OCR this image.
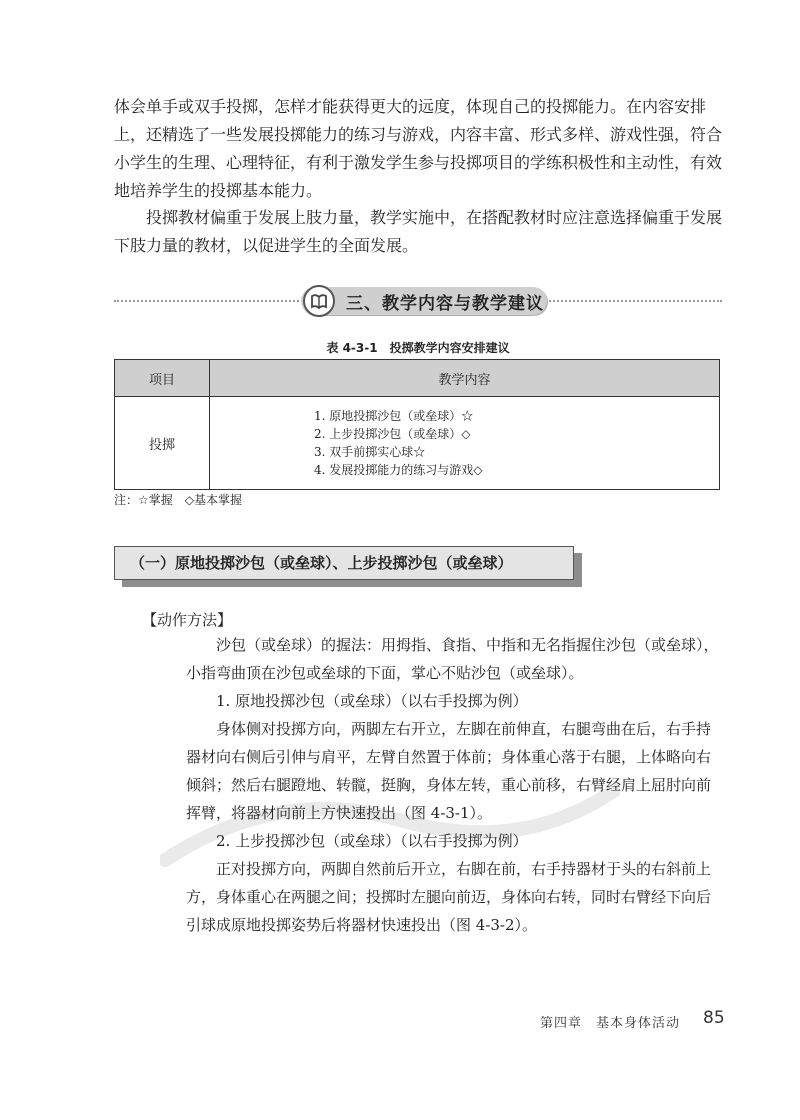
体会单手或双手投掷，怎样才能获得更大的远度，体现自己的投掷能力。在内容安排上，还精选了一些发展投掷能力的练习与游戏，内容丰富、形式多样、游戏性强，符合小学生的生理、心理特征，有利于激发学生参与投掷项目的学练积极性和主动性，有效地培养学生的投掷基本能力。

投掷教材偏重于发展上肢力量，教学实施中，在搭配教材时应注意选择偏重于发展下肢力量的教材，以促进学生的全面发展。

三、教学内容与教学建议
表 4-3-1　投掷教学内容安排建议
项目	教学内容
投掷	1. 原地投掷沙包（或垒球）☆
2. 上步投掷沙包（或垒球）◇
3. 双手前掷实心球☆
4. 发展投掷能力的练习与游戏◇
注：☆掌握　◇基本掌握
（一）原地投掷沙包（或垒球）、上步投掷沙包（或垒球）
【动作方法】

沙包（或垒球）的握法：用拇指、食指、中指和无名指握住沙包（或垒球），小指弯曲顶在沙包或垒球的下面，掌心不贴沙包（或垒球）。

1. 原地投掷沙包（或垒球）（以右手投掷为例）

身体侧对投掷方向，两脚左右开立，左脚在前伸直，右腿弯曲在后，右手持器材向右侧后引伸与肩平，左臂自然置于体前；身体重心落于右腿，上体略向右倾斜；然后右腿蹬地、转髋，挺胸，身体左转，重心前移，右臂经肩上屈肘向前挥臂，将器材向前上方快速投出（图 4-3-1）。

2. 上步投掷沙包（或垒球）（以右手投掷为例）

正对投掷方向，两脚自然前后开立，右脚在前，右手持器材于头的右斜前上方，身体重心在两腿之间；投掷时左腿向前迈，身体向右转，同时右臂经下向后引球成原地投掷姿势后将器材快速投出（图 4-3-2）。

第四章　基本身体活动 85
